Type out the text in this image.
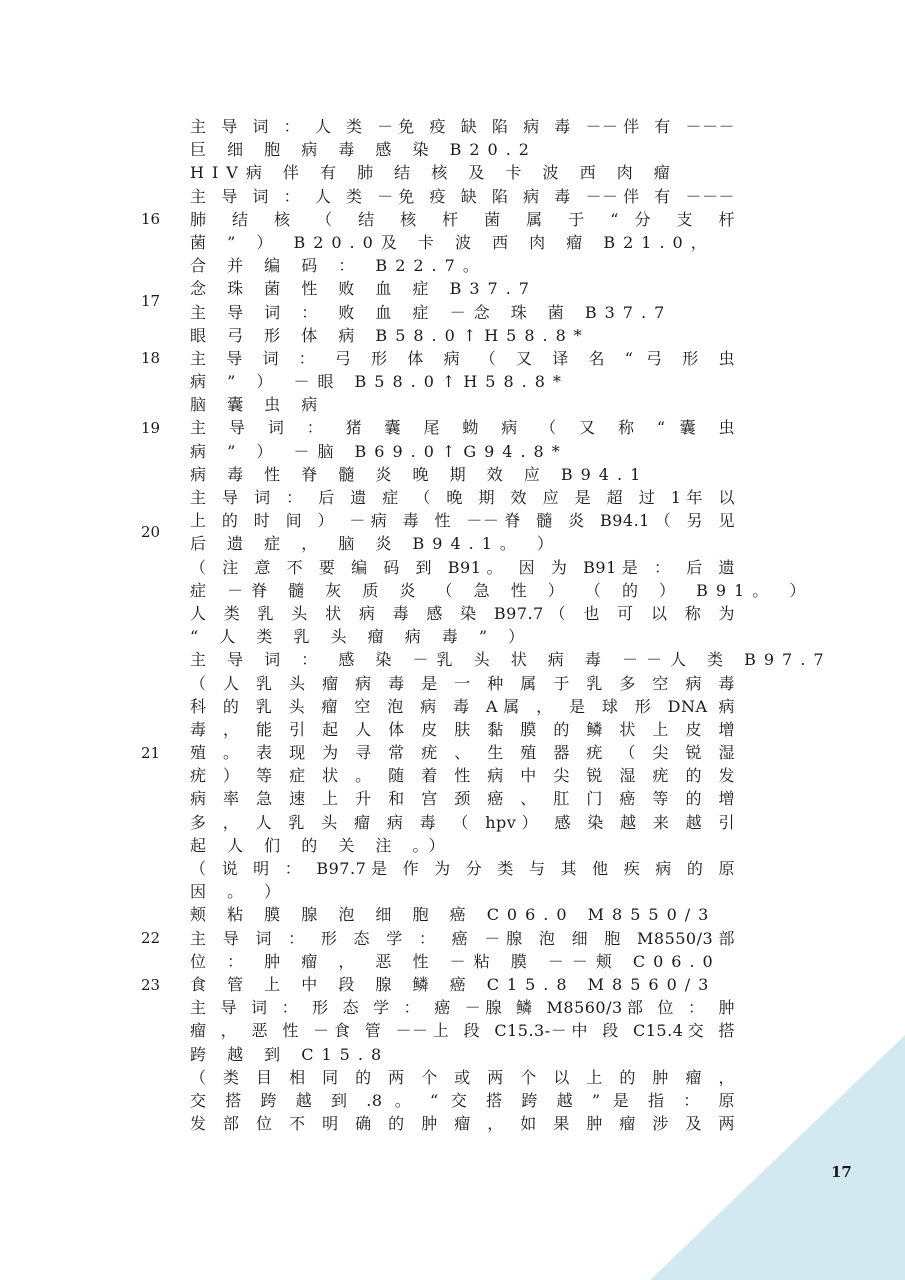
主 导 词 ： 人 类 －免 疫 缺 陷 病 毒 －－伴 有 －－－
巨 细 胞 病 毒 感 染 B20.2
16
HIV病 伴 有 肺 结 核 及 卡 波 西 肉 瘤
主 导 词 ： 人 类 －免 疫 缺 陷 病 毒 －－伴 有 －－－
肺 结 核 （ 结 核 杆 菌 属 于 “ 分 支 杆
菌 ” ） B20.0及 卡 波 西 肉 瘤 B21.0，
合 并 编 码 ： B22.7。
17
念 珠 菌 性 败 血 症 B37.7
主 导 词 ： 败 血 症 －念 珠 菌 B37.7
18
眼 弓 形 体 病 B58.0↑H58.8*
主 导 词 ： 弓 形 体 病 （ 又 译 名 “ 弓 形 虫
病 ” ） －眼 B58.0↑H58.8*
19
脑 囊 虫 病
主 导 词 ： 猪 囊 尾 蚴 病 （ 又 称 “ 囊 虫
病 ” ） －脑 B69.0↑G94.8*
20
病 毒 性 脊 髓 炎 晚 期 效 应 B94.1
主 导 词 ： 后 遗 症 （ 晚 期 效 应 是 超 过 1年 以
上 的 时 间 ） －病 毒 性 －－脊 髓 炎 B94.1（ 另 见
后 遗 症 ， 脑 炎 B94.1。 ）
（ 注 意 不 要 编 码 到 B91。 因 为 B91是 ： 后 遗
症 －脊 髓 灰 质 炎 （ 急 性 ） （ 的 ） B91。 ）
21
人 类 乳 头 状 病 毒 感 染 B97.7（ 也 可 以 称 为
“ 人 类 乳 头 瘤 病 毒 ” ）
主 导 词 ： 感 染 －乳 头 状 病 毒 －－人 类 B97.7
（ 人 乳 头 瘤 病 毒 是 一 种 属 于 乳 多 空 病 毒
科 的 乳 头 瘤 空 泡 病 毒 A属 ， 是 球 形 DNA 病
毒 ， 能 引 起 人 体 皮 肤 黏 膜 的 鳞 状 上 皮 增
殖 。 表 现 为 寻 常 疣 、 生 殖 器 疣 （ 尖 锐 湿
疣 ） 等 症 状 。 随 着 性 病 中 尖 锐 湿 疣 的 发
病 率 急 速 上 升 和 宫 颈 癌 、 肛 门 癌 等 的 增
多 ， 人 乳 头 瘤 病 毒 （ hpv） 感 染 越 来 越 引
起 人 们 的 关 注 。）
（ 说 明 ： B97.7是 作 为 分 类 与 其 他 疾 病 的 原
因 。 ）
22
颊 粘 膜 腺 泡 细 胞 癌 C06.0 M8550/3
主 导 词 ： 形 态 学 ： 癌 －腺 泡 细 胞 M8550/3部
位 ： 肿 瘤 ， 恶 性 －粘 膜 －－颊 C06.0
23	食 管 上 中 段 腺 鳞 癌 C15.8 M8560/3
主 导 词 ： 形 态 学 ： 癌 －腺 鳞 M8560/3部 位 ： 肿
瘤 ， 恶 性 －食 管 －－上 段 C15.3-－中 段 C15.4交 搭
跨 越 到 C15.8
（ 类 目 相 同 的 两 个 或 两 个 以 上 的 肿 瘤 ，
交 搭 跨 越 到 .8 。 “ 交 搭 跨 越 ” 是 指 ： 原
发 部 位 不 明 确 的 肿 瘤 ， 如 果 肿 瘤 涉 及 两
17
